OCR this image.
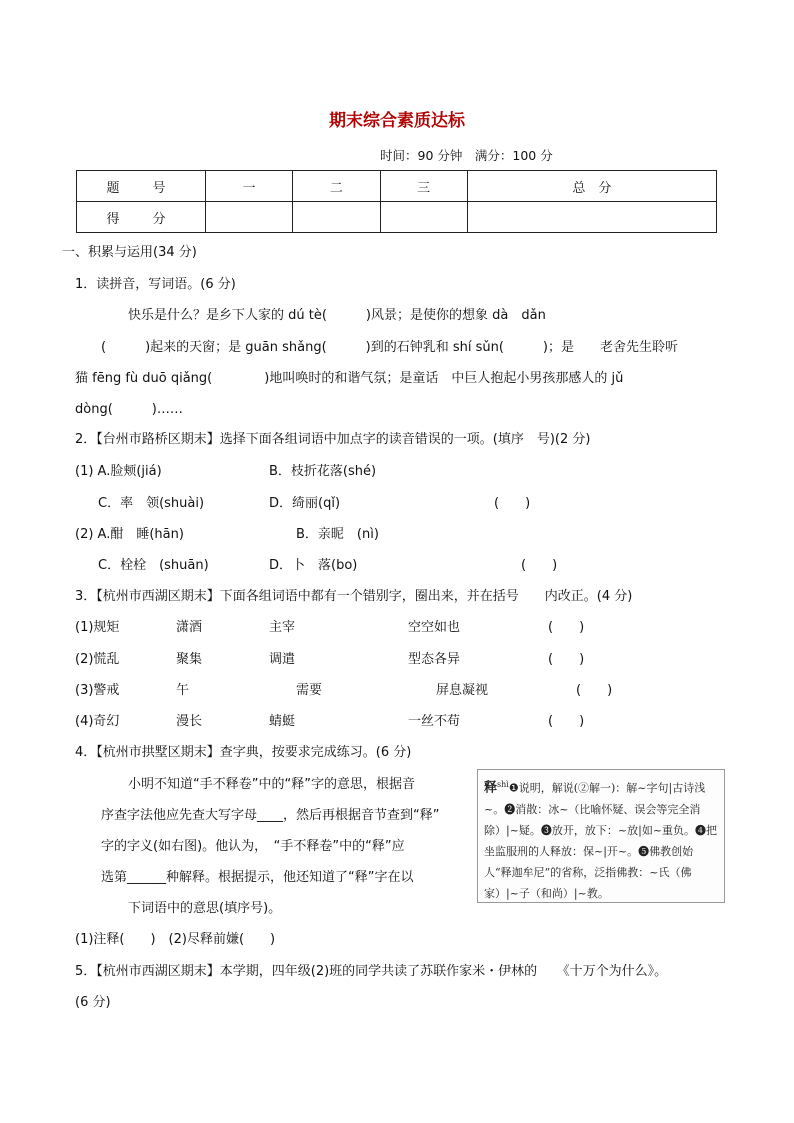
期末综合素质达标
时间：90 分钟　满分：100 分
题　号	一	二	三	总　分
得　分				
一、积累与运用(34 分)
1．读拼音，写词语。(6 分)
快乐是什么？是乡下人家的 dú tè(　　　)风景；是使你的想象 dà　dǎn
(　　　)起来的天窗；是 guān shǎng(　　　)到的石钟乳和 shí sǔn(　　　)；是　　老舍先生聆听
猫 fēng fù duō qiǎng(　　　　)地叫唤时的和谐气氛；是童话　中巨人抱起小男孩那感人的 jǔ
dòng(　　　)……
2．【台州市路桥区期末】选择下面各组词语中加点字的读音错误的一项。(填序　号)(2 分)
(1) A.脸颊(jiá)	B．枝折花落(shé)
C．率　领(shuài)	D．绮丽(qǐ)	(　　)
(2) A.酣　睡(hān)	B．亲昵　(nì)
C．栓栓　(shuān)	D．卜　落(bo)	(　　)
3．【杭州市西湖区期末】下面各组词语中都有一个错别字，圈出来，并在括号　　内改正。(4 分)
(1)规矩	潇酒	主宰	空空如也	(　　)
(2)慌乱	聚集	调遣	型态各异	(　　)
(3)警戒	午	需要	屏息凝视	(　　)
(4)奇幻	漫长	蜻蜓	一丝不苟	(　　)
4．【杭州市拱墅区期末】查字典，按要求完成练习。(6 分)
小明不知道“手不释卷”中的“释”字的意思，根据音
序查字法他应先查大写字母____，然后再根据音节查到“释”
字的字义(如右图)。他认为，　“手不释卷”中的“释”应
选第______种解释。根据提示，他还知道了“释”字在以
下词语中的意思(填序号)。
(1)注释(　　)　(2)尽释前嫌(　　)
释$^{shì}$❶说明，解说(②解一)：解~字句|古诗浅~。❷消散：冰~（比喻怀疑、误会等完全消除）|~疑。❸放开，放下：~放|如~重负。❹把坐监服刑的人释放：保~|开~。❺佛教创始人“释迦牟尼”的省称，泛指佛教：~氏（佛家）|~子（和尚）|~教。
5．【杭州市西湖区期末】本学期，四年级(2)班的同学共读了苏联作家米・伊林的　　《十万个为什么》。
(6 分)
